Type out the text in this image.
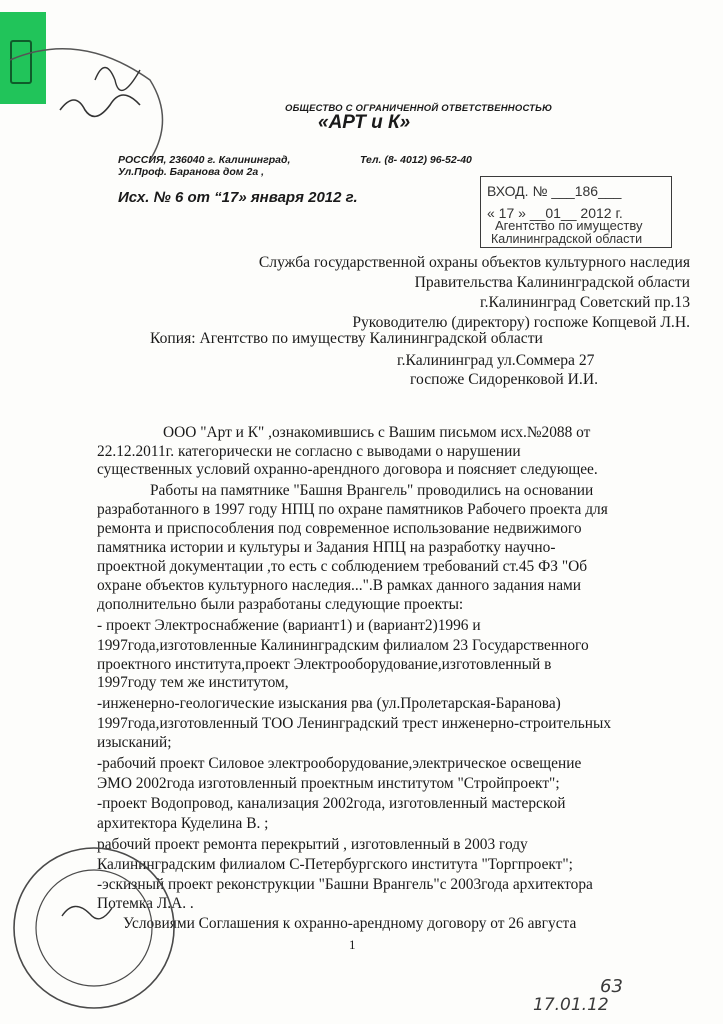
ОБЩЕСТВО С ОГРАНИЧЕННОЙ ОТВЕТСТВЕННОСТЬЮ
«АРТ и К»
РОССИЯ, 236040 г. Калининград,
Ул.Проф. Баранова дом 2а ,
Тел. (8- 4012) 96-52-40
Исх. № 6 от “17» января 2012 г.	ВХОД. № ___186___
« 17 » __01__ 2012 г.
Агентство по имуществу
Калининградской области
Служба государственной охраны объектов культурного наследия
Правительства Калининградской области
г.Калининград Советский пр.13
Руководителю (директору) госпоже Копцевой Л.Н.
Копия: Агентство по имуществу Калининградской области
г.Калининград ул.Соммера 27
госпоже Сидоренковой И.И.
ООО "Арт и К" ,ознакомившись с Вашим письмом исх.№2088 от
22.12.2011г. категорически не согласно с выводами о нарушении
существенных условий охранно-арендного договора и поясняет следующее.
Работы на памятнике "Башня Врангель" проводились на основании
разработанного в 1997 году НПЦ по охране памятников Рабочего проекта для
ремонта и приспособления под современное использование недвижимого
памятника истории и культуры и Задания НПЦ на разработку научно-
проектной документации ,то есть с соблюдением требований ст.45 ФЗ "Об
охране объектов культурного наследия...".В рамках данного задания нами
дополнительно были разработаны следующие проекты:
- проект Электроснабжение (вариант1) и (вариант2)1996 и
1997года,изготовленные Калининградским филиалом 23 Государственного
проектного института,проект Электрооборудование,изготовленный в
1997году тем же институтом,
-инженерно-геологические изыскания рва (ул.Пролетарская-Баранова)
1997года,изготовленный ТОО Ленинградский трест инженерно-строительных
изысканий;
-рабочий проект Силовое электрооборудование,электрическое освещение
ЭМО 2002года изготовленный проектным институтом "Стройпроект";
-проект Водопровод, канализация 2002года, изготовленный мастерской
архитектора Куделина В. ;
рабочий проект ремонта перекрытий , изготовленный в 2003 году
Калининградским филиалом С-Петербургского института "Торгпроект";
-эскизный проект реконструкции "Башни Врангель"с 2003года архитектора
Потемка Л.А. .
Условиями Соглашения к охранно-арендному договору от 26 августа
1
63
17.01.12
